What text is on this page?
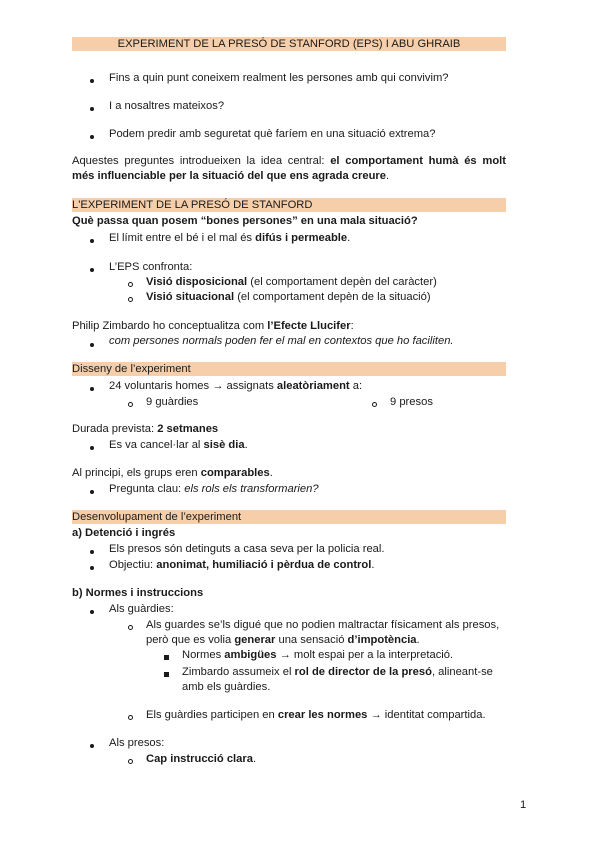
EXPERIMENT DE LA PRESÓ DE STANFORD (EPS) I ABU GHRAIB
Fins a quin punt coneixem realment les persones amb qui convivim?
I a nosaltres mateixos?
Podem predir amb seguretat què faríem en una situació extrema?
Aquestes preguntes introdueixen la idea central: el comportament humà és molt
més influenciable per la situació del que ens agrada creure.
L'EXPERIMENT DE LA PRESÓ DE STANFORD
Què passa quan posem “bones persones” en una mala situació?
El límit entre el bé i el mal és difús i permeable.
L’EPS confronta:
Visió disposicional (el comportament depèn del caràcter)
Visió situacional (el comportament depèn de la situació)
Philip Zimbardo ho conceptualitza com l’Efecte Llucifer:
com persones normals poden fer el mal en contextos que ho faciliten.
Disseny de l’experiment
24 voluntaris homes → assignats aleatòriament a:
9 guàrdies	9 presos
Durada prevista: 2 setmanes
Es va cancel·lar al sisè dia.
Al principi, els grups eren comparables.
Pregunta clau: els rols els transformarien?
Desenvolupament de l’experiment
a) Detenció i ingrés
Els presos són detinguts a casa seva per la policia real.
Objectiu: anonimat, humiliació i pèrdua de control.
b) Normes i instruccions
Als guàrdies:
Als guardes se’ls digué que no podien maltractar físicament als presos,
però que es volia generar una sensació d’impotència.
Normes ambigües → molt espai per a la interpretació.
Zimbardo assumeix el rol de director de la presó, alineant-se
amb els guàrdies.
Els guàrdies participen en crear les normes → identitat compartida.
Als presos:
Cap instrucció clara.
1
